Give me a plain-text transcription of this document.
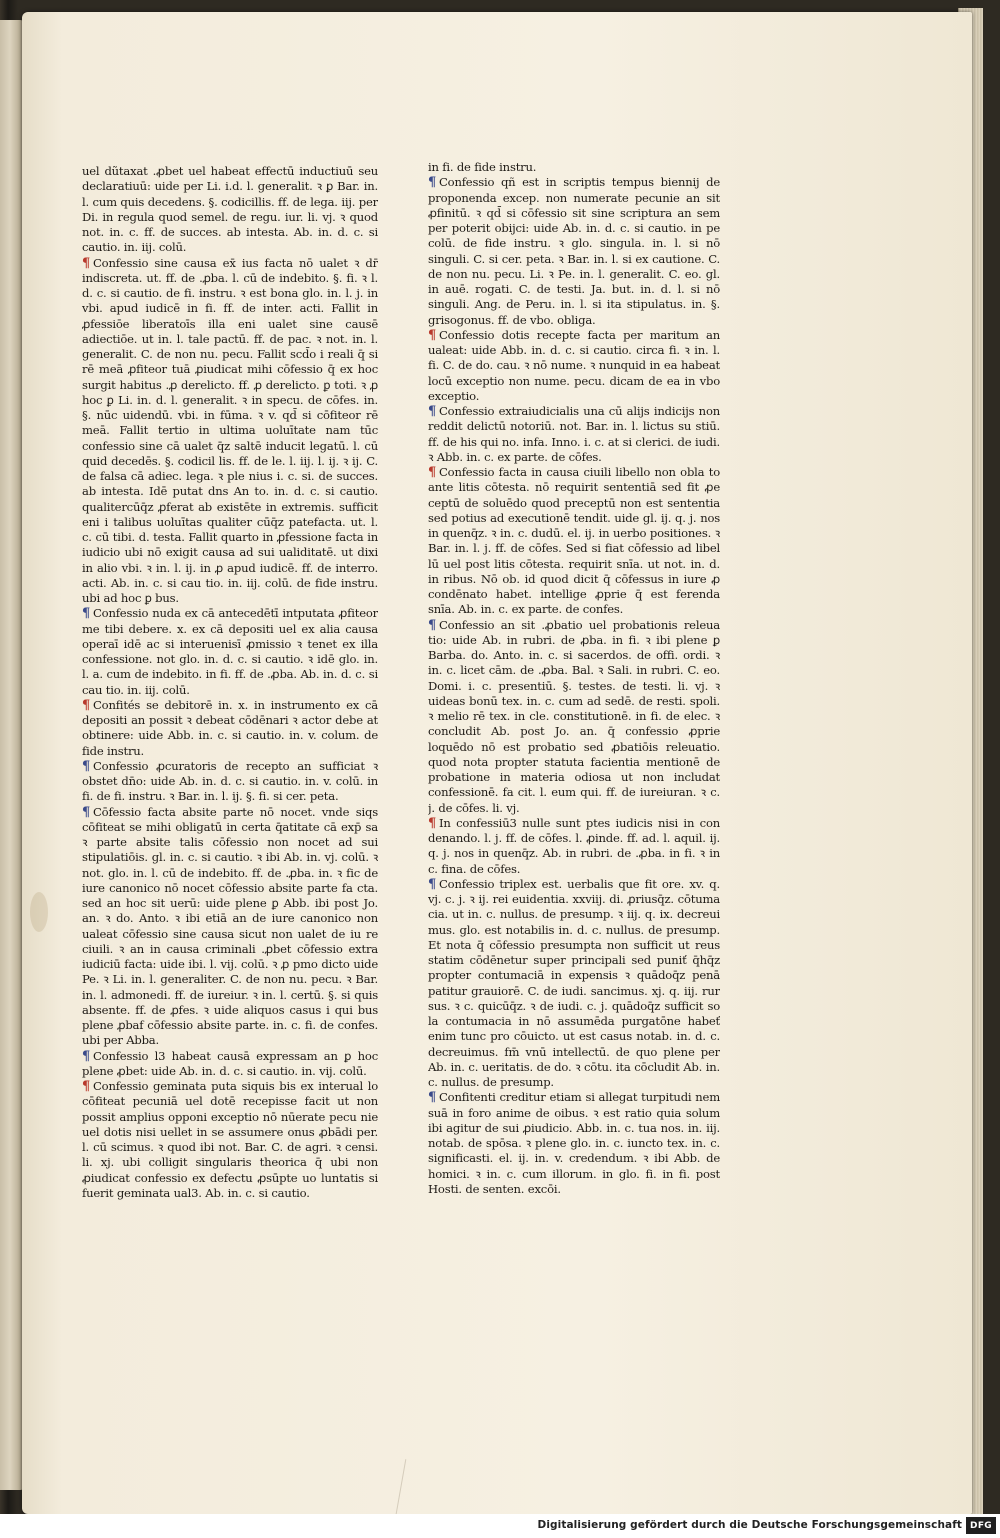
uel dũtaxat .ꝓbet uel habeat effectū inductiuū seu declaratiuū: uide per Li. i.d. l. generalit. ꝛ ꝑ Bar. in. l. cum quis decedens. §. codicillis. ff. de lega. iij. per Di. in regula quod semel. de regu. iur. li. vj. ꝛ quod not. in. c. ff. de succes. ab intesta. Ab. in. d. c. si cautio. in. iij. colū.

¶ Confessio sine causa ex̄ ius facta nō ualet ꝛ dr̄ indiscreta. ut. ff. de .ꝓba. l. cū de indebito. §. fi. ꝛ l. d. c. si cautio. de fi. instru. ꝛ est bona glo. in. l. j. in vbi. apud iudicē in fi. ff. de inter. acti. Fallit in ꝓfessiōe liberatoīs illa eni ualet sine causē adiectiōe. ut in. l. tale pactū. ff. de pac. ꝛ not. in. l. generalit. C. de non nu. pecu. Fallit scd̄o i reali q̄ si rē meā ꝓfiteor tuā ꝓiudicat mihi cōfessio q̄ ex hoc surgit habitus .ꝓ derelicto. ff. ꝓ derelicto. ꝑ toti. ꝛ ꝓ hoc ꝑ Li. in. d. l. generalit. ꝛ in specu. de cōfes. in. §. nūc uidendū. vbi. in fūma. ꝛ v. qd̄ si cōfiteor rē meā. Fallit tertio in ultima uoluītate nam tūc confessio sine cā ualet q̄z saltē inducit legatū. l. cū quid decedēs. §. codicil lis. ff. de le. l. iij. l. ij. ꝛ ij. C. de falsa cā adiec. lega. ꝛ ple nius i. c. si. de succes. ab intesta. Idē putat dns An to. in. d. c. si cautio. qualitercūq̄z ꝓferat ab existēte in extremis. sufficit eni i talibus uoluītas qualiter cūq̄z patefacta. ut. l. c. cū tibi. d. testa. Fallit quarto in ꝓfessione facta in iudicio ubi nō exigit causa ad sui ualiditatē. ut dixi in alio vbi. ꝛ in. l. ij. in ꝓ apud iudicē. ff. de interro. acti. Ab. in. c. si cau tio. in. iij. colū. de fide instru. ubi ad hoc ꝑ bus.

¶ Confessio nuda ex cā antecedētī intputata ꝓfiteor me tibi debere. x. ex cā depositi uel ex alia causa operaī idē ac si interuenisī ꝓmissio ꝛ tenet ex illa confessione. not glo. in. d. c. si cautio. ꝛ idē glo. in. l. a. cum de indebito. in fi. ff. de .ꝓba. Ab. in. d. c. si cau tio. in. iij. colū.

¶ Confités se debitorē in. x. in instrumento ex cā depositi an possit ꝛ debeat cōdēnari ꝛ actor debe at obtinere: uide Abb. in. c. si cautio. in. v. colum. de fide instru.

¶ Confessio ꝓcuratoris de recepto an sufficiat ꝛ obstet dn̄o: uide Ab. in. d. c. si cautio. in. v. colū. in fi. de fi. instru. ꝛ Bar. in. l. ij. §. fi. si cer. peta.

¶ Cōfessio facta absite parte nō nocet. vnde siqs cōfiteat se mihi obligatū in certa q̄atitate cā exp̄ sa ꝛ parte absite talis cōfessio non nocet ad sui stipulatiōis. gl. in. c. si cautio. ꝛ ibi Ab. in. vj. colū. ꝛ not. glo. in. l. cū de indebito. ff. de .ꝓba. in. ꝛ fic de iure canonico nō nocet cōfessio absite parte fa cta. sed an hoc sit uerū: uide plene ꝑ Abb. ibi post Jo. an. ꝛ do. Anto. ꝛ ibi etiā an de iure canonico non ualeat cōfessio sine causa sicut non ualet de iu re ciuili. ꝛ an in causa criminali .ꝓbet cōfessio extra iudiciū facta: uide ibi. l. vij. colū. ꝛ ꝓ pmo dicto uide Pe. ꝛ Li. in. l. generaliter. C. de non nu. pecu. ꝛ Bar. in. l. admonedi. ff. de iureiur. ꝛ in. l. certū. §. si quis absente. ff. de ꝓfes. ꝛ uide aliquos casus i qui bus plene ꝓbaf cōfessio absite parte. in. c. fi. de confes. ubi per Abba.

¶ Confessio l3 habeat causā expressam an ꝑ hoc plene ꝓbet: uide Ab. in. d. c. si cautio. in. vij. colū.

¶ Confessio geminata puta siquis bis ex interual lo cōfiteat pecuniā uel dotē recepisse facit ut non possit amplius opponi exceptio nō nūerate pecu nie uel dotis nisi uellet in se assumere onus ꝓbādi per. l. cū scimus. ꝛ quod ibi not. Bar. C. de agri. ꝛ censi. li. xj. ubi colligit singularis theorica q̄ ubi non ꝓiudicat confessio ex defectu ꝓsūpte uo luntatis si fuerit geminata ual3. Ab. in. c. si cautio.

in fi. de fide instru.

¶ Confessio qñ est in scriptis tempus biennij de proponenda excep. non numerate pecunie an sit ꝓfinitū. ꝛ qd̄ si cōfessio sit sine scriptura an sem per poterit obijci: uide Ab. in. d. c. si cautio. in pe colū. de fide instru. ꝛ glo. singula. in. l. si nō singuli. C. si cer. peta. ꝛ Bar. in. l. si ex cautione. C. de non nu. pecu. Li. ꝛ Pe. in. l. generalit. C. eo. gl. in auē. rogati. C. de testi. Ja. but. in. d. l. si nō singuli. Ang. de Peru. in. l. si ita stipulatus. in. §. grisogonus. ff. de vbo. obliga.

¶ Confessio dotis recepte facta per maritum an ualeat: uide Abb. in. d. c. si cautio. circa fi. ꝛ in. l. fi. C. de do. cau. ꝛ nō nume. ꝛ nunquid in ea habeat locū exceptio non nume. pecu. dicam de ea in vbo exceptio.

¶ Confessio extraiudicialis una cū alijs indicijs non reddit delictū notoriū. not. Bar. in. l. lictus su stiū. ff. de his qui no. infa. Inno. i. c. at si clerici. de iudi. ꝛ Abb. in. c. ex parte. de cōfes.

¶ Confessio facta in causa ciuili libello non obla to ante litis cōtesta. nō requirit sententiā sed fit ꝓe ceptū de soluēdo quod preceptū non est sententia sed potius ad executionē tendit. uide gl. ij. q. j. nos in quenq̄z. ꝛ in. c. dudū. el. ij. in uerbo positiones. ꝛ Bar. in. l. j. ff. de cōfes. Sed si fiat cōfessio ad libel lū uel post litis cōtesta. requirit snīa. ut not. in. d. in ribus. Nō ob. id quod dicit q̄ cōfessus in iure ꝓ condēnato habet. intellige ꝓprie q̄ est ferenda snīa. Ab. in. c. ex parte. de confes.

¶ Confessio an sit .ꝓbatio uel probationis releua tio: uide Ab. in rubri. de ꝓba. in fi. ꝛ ibi plene ꝑ Barba. do. Anto. in. c. si sacerdos. de offi. ordi. ꝛ in. c. licet cām. de .ꝓba. Bal. ꝛ Sali. in rubri. C. eo. Domi. i. c. presentiū. §. testes. de testi. li. vj. ꝛ uideas bonū tex. in. c. cum ad sedē. de resti. spoli. ꝛ melio rē tex. in cle. constitutionē. in fi. de elec. ꝛ concludit Ab. post Jo. an. q̄ confessio ꝓprie loquēdo nō est probatio sed ꝓbatiōis releuatio. quod nota propter statuta facientia mentionē de probatione in materia odiosa ut non includat confessionē. fa cit. l. eum qui. ff. de iureiuran. ꝛ c. j. de cōfes. li. vj.

¶ In confessiū3 nulle sunt ptes iudicis nisi in con denando. l. j. ff. de cōfes. l. ꝓinde. ff. ad. l. aquil. ij. q. j. nos in quenq̄z. Ab. in rubri. de .ꝓba. in fi. ꝛ in c. fina. de cōfes.

¶ Confessio triplex est. uerbalis que fit ore. xv. q. vj. c. j. ꝛ ij. rei euidentia. xxviij. di. ꝓriusq̄z. cōtuma cia. ut in. c. nullus. de presump. ꝛ iij. q. ix. decreui mus. glo. est notabilis in. d. c. nullus. de presump. Et nota q̄ cōfessio presumpta non sufficit ut reus statim cōdēnetur super principali sed puniť q̄hq̄z propter contumaciā in expensis ꝛ quādoq̄z penā patitur grauiorē. C. de iudi. sancimus. xj. q. iij. rur sus. ꝛ c. quicūq̄z. ꝛ de iudi. c. j. quādoq̄z sufficit so la contumacia in nō assumēda purgatōne habeť enim tunc pro cōuicto. ut est casus notab. in. d. c. decreuimus. fm̄ vnū intellectū. de quo plene per Ab. in. c. ueritatis. de do. ꝛ cōtu. ita cōcludit Ab. in. c. nullus. de presump.

¶ Confitenti creditur etiam si allegat turpitudi nem suā in foro anime de oibus. ꝛ est ratio quia solum ibi agitur de sui ꝓiudicio. Abb. in. c. tua nos. in. iij. notab. de spōsa. ꝛ plene glo. in. c. iuncto tex. in. c. significasti. el. ij. in. v. credendum. ꝛ ibi Abb. de homici. ꝛ in. c. cum illorum. in glo. fi. in fi. post Hosti. de senten. excōi.

Digitalisierung gefördert durch die Deutsche Forschungsgemeinschaft DFG
